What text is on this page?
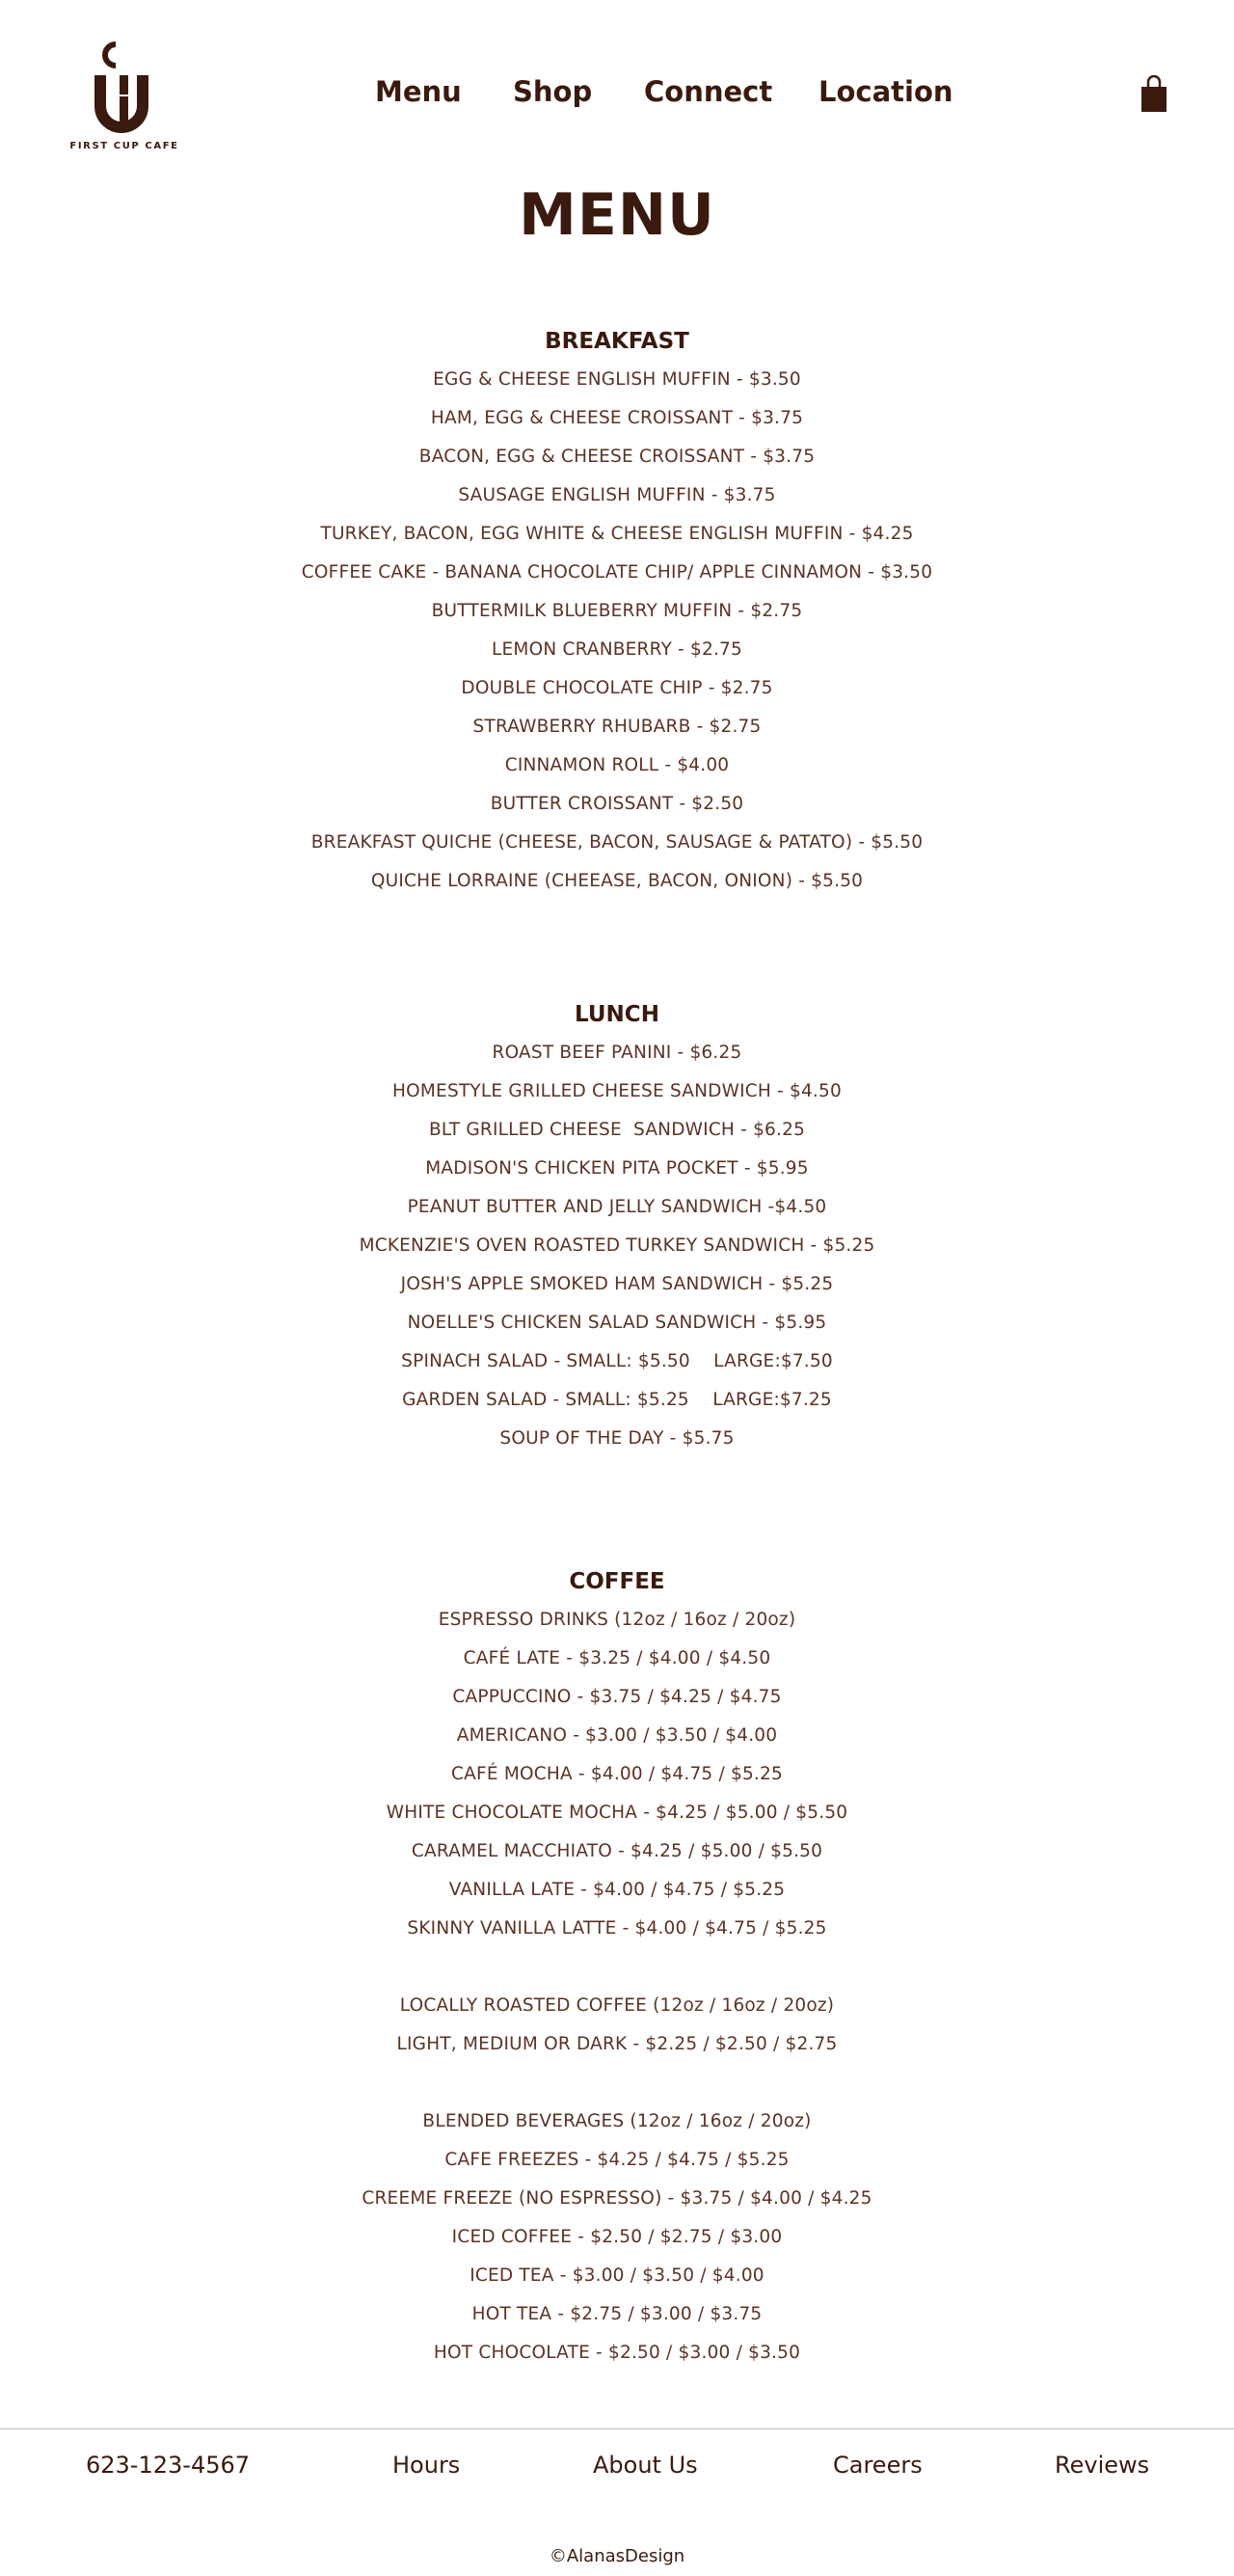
FIRST CUP CAFE
Menu Shop Connect Location
MENU
BREAKFAST
EGG & CHEESE ENGLISH MUFFIN - $3.50
HAM, EGG & CHEESE CROISSANT - $3.75
BACON, EGG & CHEESE CROISSANT - $3.75
SAUSAGE ENGLISH MUFFIN - $3.75
TURKEY, BACON, EGG WHITE & CHEESE ENGLISH MUFFIN - $4.25
COFFEE CAKE - BANANA CHOCOLATE CHIP/ APPLE CINNAMON - $3.50
BUTTERMILK BLUEBERRY MUFFIN - $2.75
LEMON CRANBERRY - $2.75
DOUBLE CHOCOLATE CHIP - $2.75
STRAWBERRY RHUBARB - $2.75
CINNAMON ROLL - $4.00
BUTTER CROISSANT - $2.50
BREAKFAST QUICHE (CHEESE, BACON, SAUSAGE & PATATO) - $5.50
QUICHE LORRAINE (CHEEASE, BACON, ONION) - $5.50
LUNCH
ROAST BEEF PANINI - $6.25
HOMESTYLE GRILLED CHEESE SANDWICH - $4.50
BLT GRILLED CHEESE  SANDWICH - $6.25
MADISON'S CHICKEN PITA POCKET - $5.95
PEANUT BUTTER AND JELLY SANDWICH -$4.50
MCKENZIE'S OVEN ROASTED TURKEY SANDWICH - $5.25
JOSH'S APPLE SMOKED HAM SANDWICH - $5.25
NOELLE'S CHICKEN SALAD SANDWICH - $5.95
SPINACH SALAD - SMALL: $5.50    LARGE:$7.50
GARDEN SALAD - SMALL: $5.25    LARGE:$7.25
SOUP OF THE DAY - $5.75
COFFEE
ESPRESSO DRINKS (12oz / 16oz / 20oz)
CAFÉ LATE - $3.25 / $4.00 / $4.50
CAPPUCCINO - $3.75 / $4.25 / $4.75
AMERICANO - $3.00 / $3.50 / $4.00
CAFÉ MOCHA - $4.00 / $4.75 / $5.25
WHITE CHOCOLATE MOCHA - $4.25 / $5.00 / $5.50
CARAMEL MACCHIATO - $4.25 / $5.00 / $5.50
VANILLA LATE - $4.00 / $4.75 / $5.25
SKINNY VANILLA LATTE - $4.00 / $4.75 / $5.25
LOCALLY ROASTED COFFEE (12oz / 16oz / 20oz)
LIGHT, MEDIUM OR DARK - $2.25 / $2.50 / $2.75
BLENDED BEVERAGES (12oz / 16oz / 20oz)
CAFE FREEZES - $4.25 / $4.75 / $5.25
CREEME FREEZE (NO ESPRESSO) - $3.75 / $4.00 / $4.25
ICED COFFEE - $2.50 / $2.75 / $3.00
ICED TEA - $3.00 / $3.50 / $4.00
HOT TEA - $2.75 / $3.00 / $3.75
HOT CHOCOLATE - $2.50 / $3.00 / $3.50
623-123-4567	Hours	About Us	Careers	Reviews
©AlanasDesign
